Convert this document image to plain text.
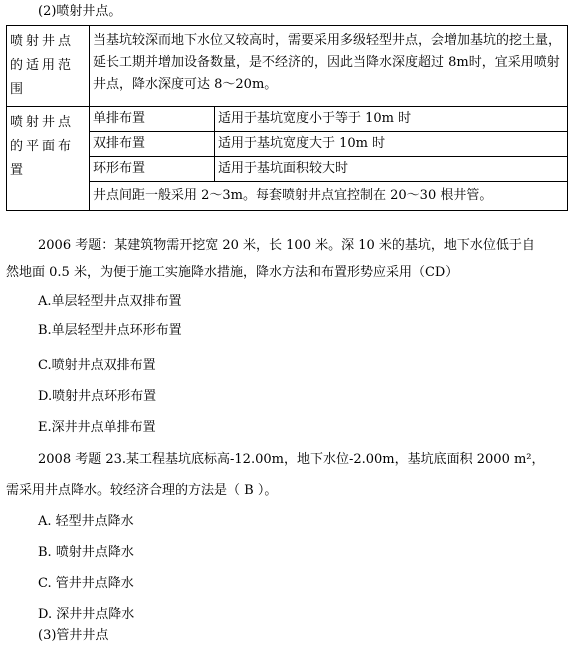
(2)喷射井点。
喷射井点的适用范围	当基坑较深而地下水位又较高时，需要采用多级轻型井点，会增加基坑的挖土量，延长工期并增加设备数量，是不经济的，因此当降水深度超过 8m时，宜采用喷射井点，降水深度可达 8～20m。	
喷射井点的平面布置	单排布置	适用于基坑宽度小于等于 10m 时
	双排布置	适用于基坑宽度大于 10m 时
	环形布置	适用于基坑面积较大时
	井点间距一般采用 2～3m。每套喷射井点宜控制在 20～30 根井管。	
2006 考题：某建筑物需开挖宽 20 米，长 100 米。深 10 米的基坑，地下水位低于自
然地面 0.5 米，为便于施工实施降水措施，降水方法和布置形势应采用（CD）
A.单层轻型井点双排布置
B.单层轻型井点环形布置
C.喷射井点双排布置
D.喷射井点环形布置
E.深井井点单排布置
2008 考题 23.某工程基坑底标高-12.00m，地下水位-2.00m，基坑底面积 2000 m²，
需采用井点降水。较经济合理的方法是（ B ）。
A. 轻型井点降水
B. 喷射井点降水
C. 管井井点降水
D. 深井井点降水
(3)管井井点
